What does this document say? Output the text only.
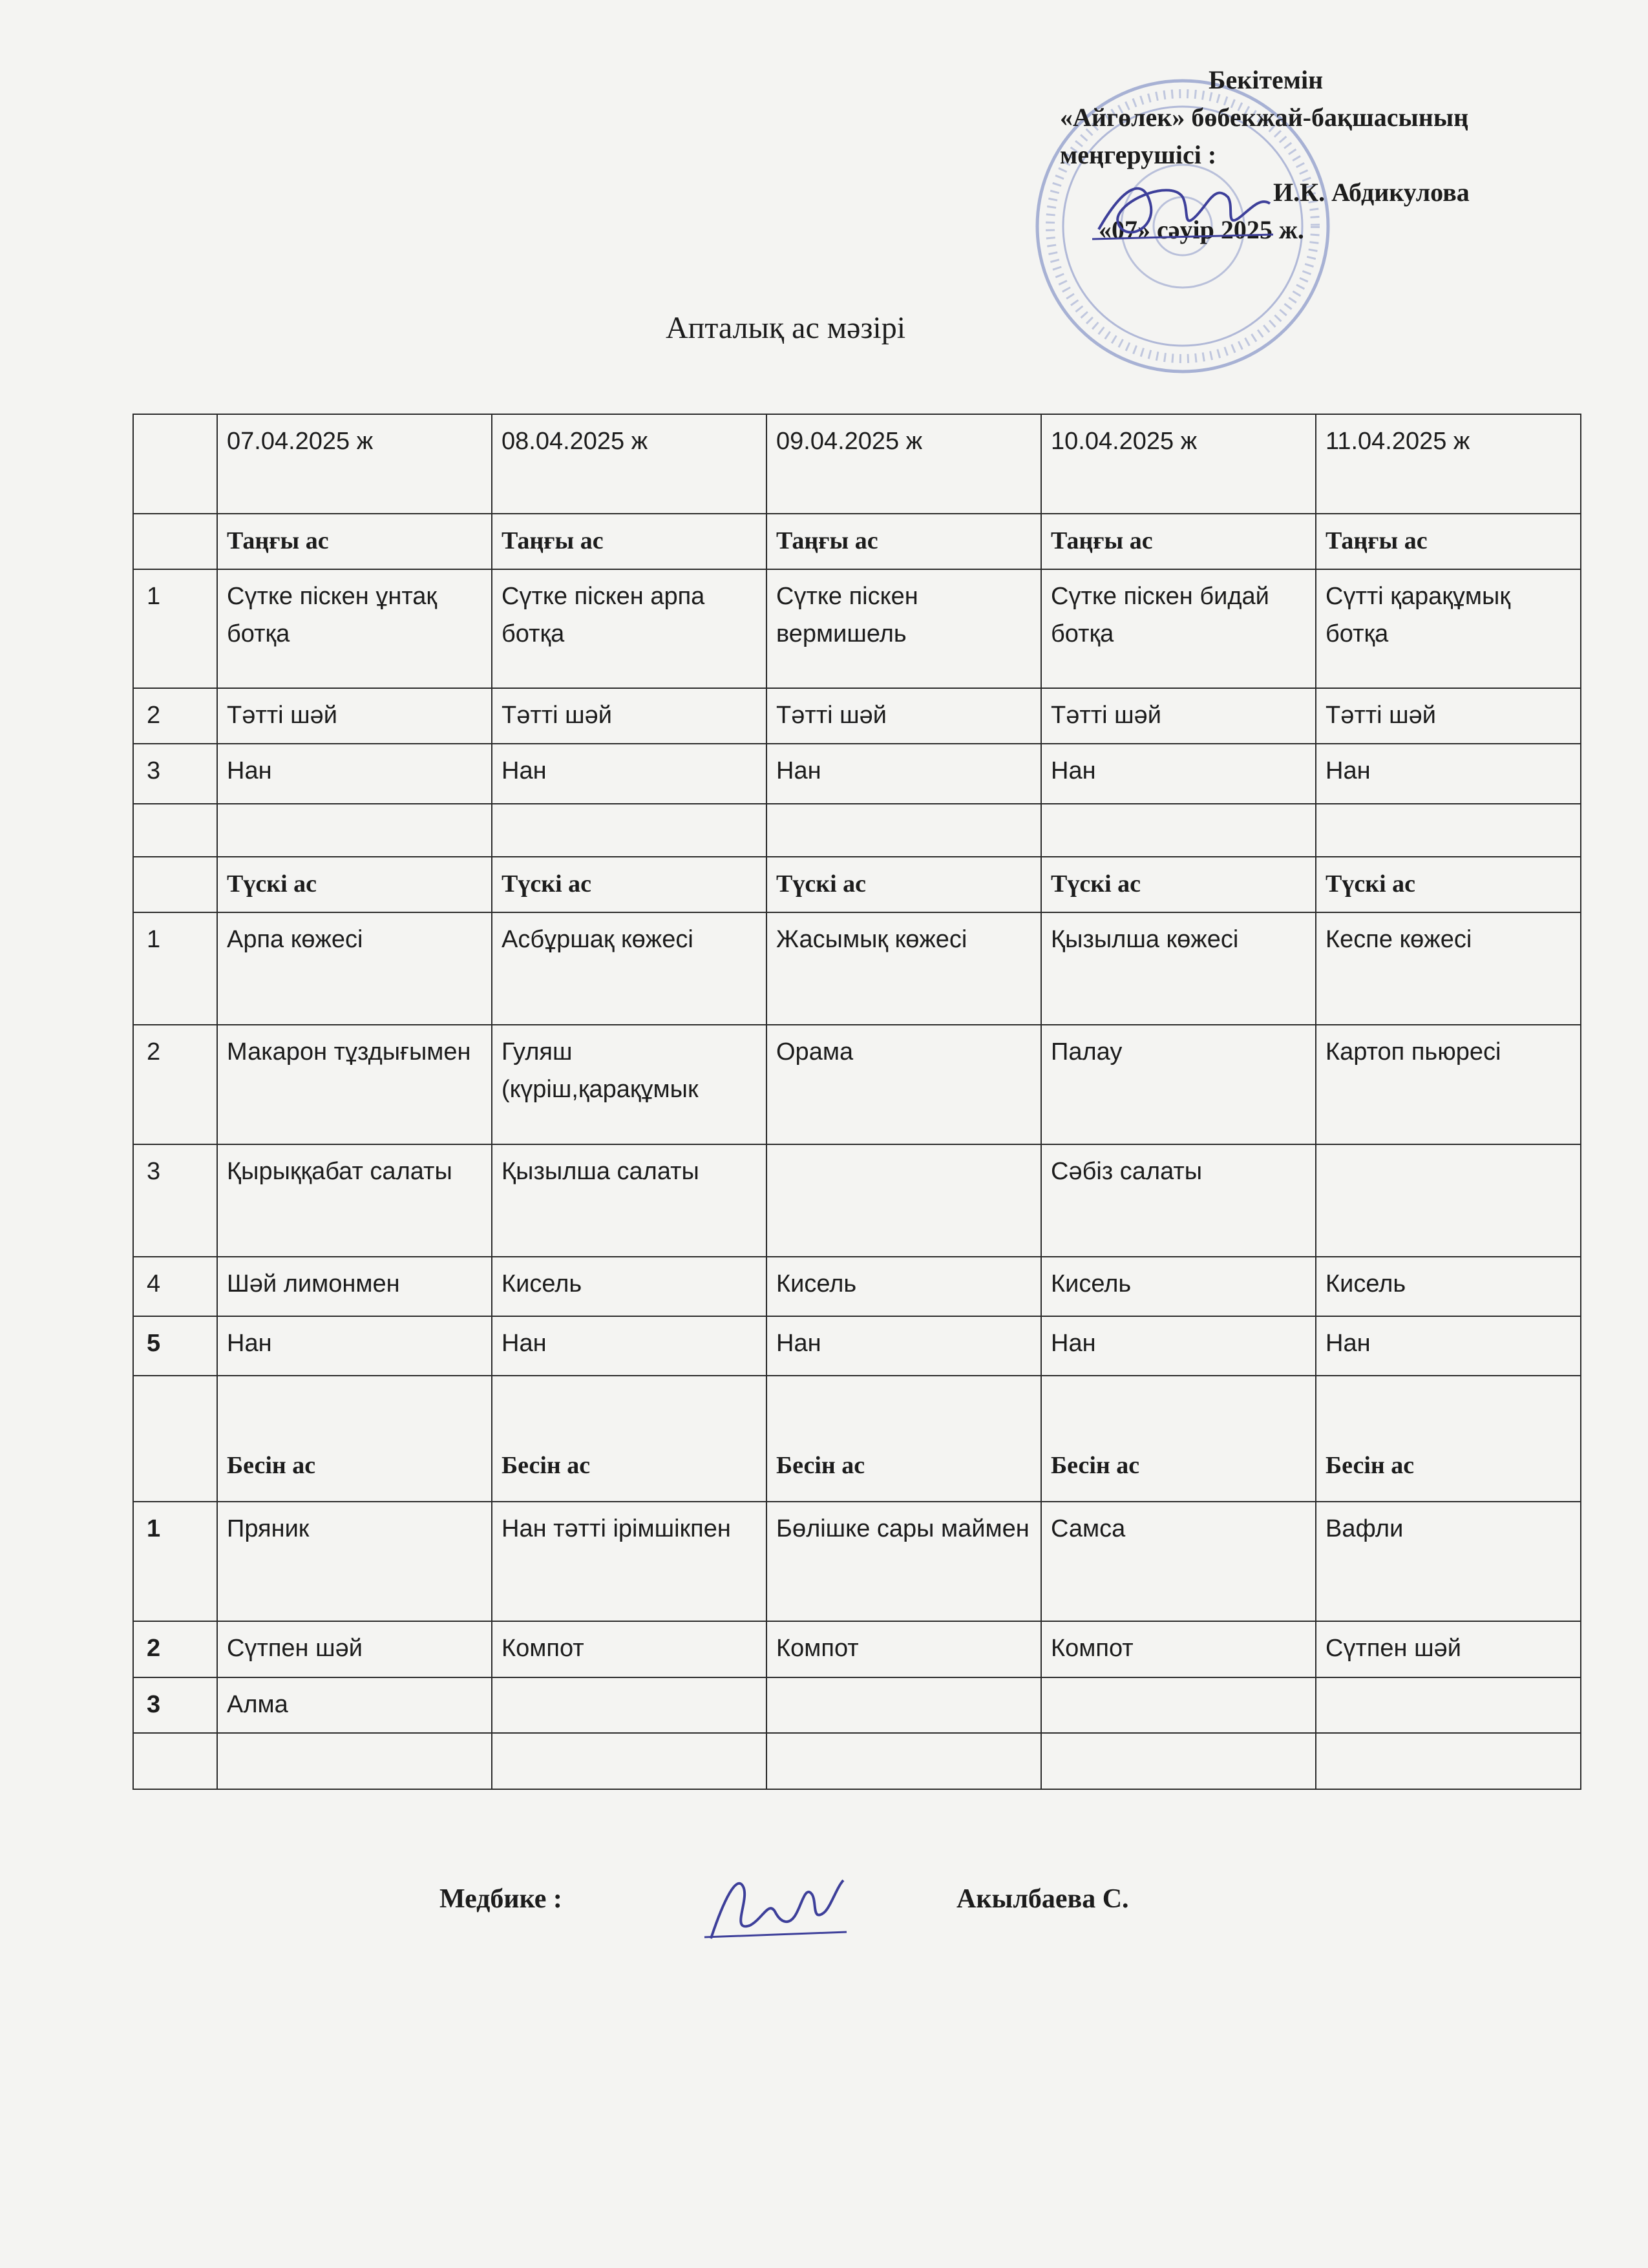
Бекітемін
«Айгөлек» бөбекжай-бақшасының
меңгерушісі :
И.К. Абдикулова
«07» сәуір 2025 ж.
Апталық ас мәзірі
	07.04.2025 ж	08.04.2025 ж	09.04.2025 ж	10.04.2025 ж	11.04.2025 ж
	Таңғы ас	Таңғы ас	Таңғы ас	Таңғы ас	Таңғы ас
1	Сүтке піскен ұнтақ ботқа	Сүтке піскен арпа ботқа	Сүтке піскен вермишель	Сүтке піскен бидай ботқа	Сүтті қарақұмық ботқа
2	Тәтті шәй	Тәтті шәй	Тәтті шәй	Тәтті шәй	Тәтті шәй
3	Нан	Нан	Нан	Нан	Нан

	Түскі ас	Түскі ас	Түскі ас	Түскі ас	Түскі ас
1	Арпа көжесі	Асбұршақ көжесі	Жасымық көжесі	Қызылша көжесі	Кеспе көжесі
2	Макарон тұздығымен	Гуляш (күріш,қарақұмык	Орама	Палау	Картоп пьюресі
3	Қырыққабат салаты	Қызылша салаты		Сәбіз салаты	
4	Шәй лимонмен	Кисель	Кисель	Кисель	Кисель
5	Нан	Нан	Нан	Нан	Нан
	Бесін ас	Бесін ас	Бесін ас	Бесін ас	Бесін ас
1	Пряник	Нан тәтті ірімшікпен	Бөлішке сары маймен	Самса	Вафли
2	Сүтпен шәй	Компот	Компот	Компот	Сүтпен шәй
3	Алма				

Медбике :	Акылбаева С.
